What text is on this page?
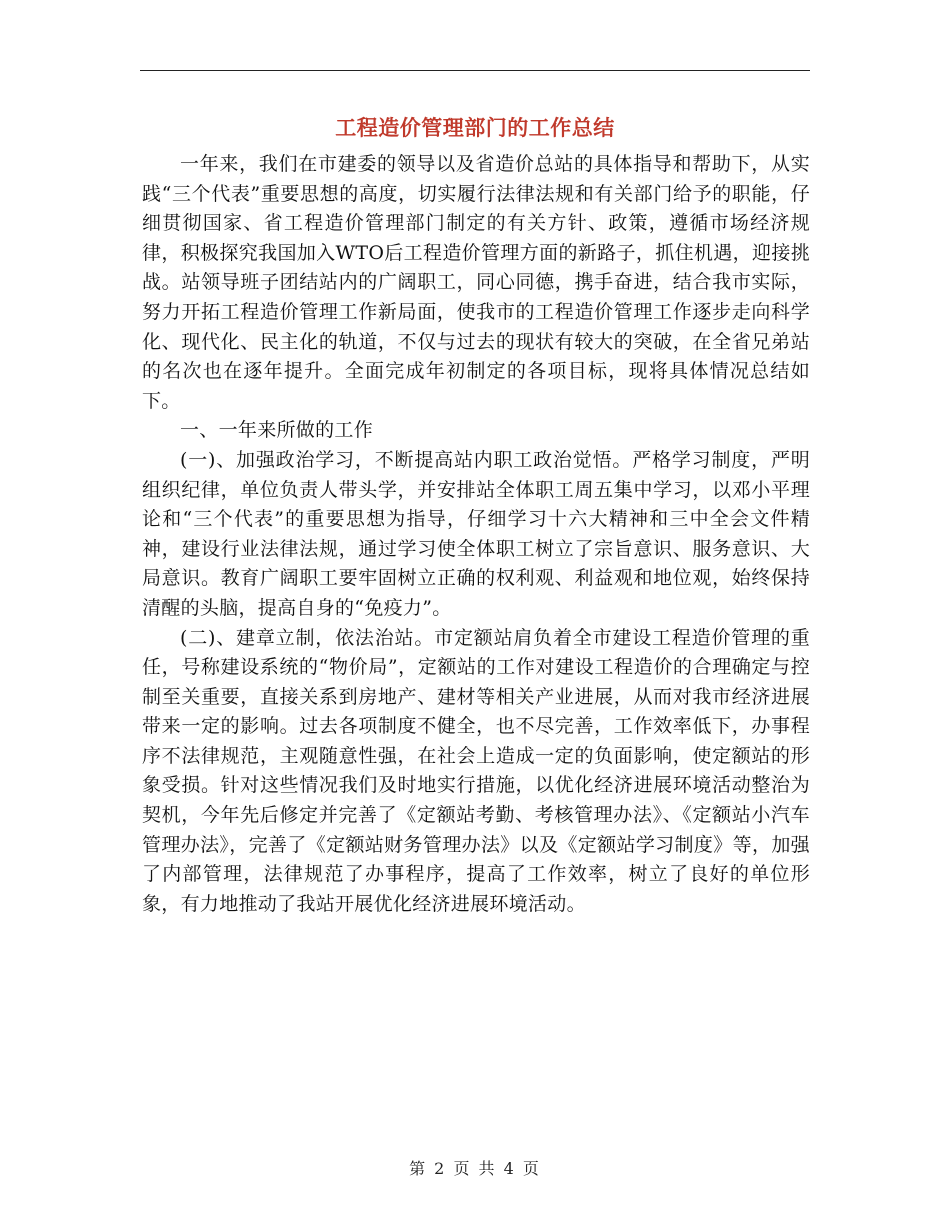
工程造价管理部门的工作总结

一年来，我们在市建委的领导以及省造价总站的具体指导和帮助下，从实践“三个代表”重要思想的高度，切实履行法律法规和有关部门给予的职能，仔细贯彻国家、省工程造价管理部门制定的有关方针、政策，遵循市场经济规律，积极探究我国加入WTO后工程造价管理方面的新路子，抓住机遇，迎接挑战。站领导班子团结站内的广阔职工，同心同德，携手奋进，结合我市实际，努力开拓工程造价管理工作新局面，使我市的工程造价管理工作逐步走向科学化、现代化、民主化的轨道，不仅与过去的现状有较大的突破，在全省兄弟站的名次也在逐年提升。全面完成年初制定的各项目标，现将具体情况总结如下。

一、一年来所做的工作

(一)、加强政治学习，不断提高站内职工政治觉悟。严格学习制度，严明组织纪律，单位负责人带头学，并安排站全体职工周五集中学习，以邓小平理论和“三个代表”的重要思想为指导，仔细学习十六大精神和三中全会文件精神，建设行业法律法规，通过学习使全体职工树立了宗旨意识、服务意识、大局意识。教育广阔职工要牢固树立正确的权利观、利益观和地位观，始终保持清醒的头脑，提高自身的“免疫力”。

(二)、建章立制，依法治站。市定额站肩负着全市建设工程造价管理的重任，号称建设系统的“物价局”，定额站的工作对建设工程造价的合理确定与控制至关重要，直接关系到房地产、建材等相关产业进展，从而对我市经济进展带来一定的影响。过去各项制度不健全，也不尽完善，工作效率低下，办事程序不法律规范，主观随意性强，在社会上造成一定的负面影响，使定额站的形象受损。针对这些情况我们及时地实行措施，以优化经济进展环境活动整治为契机，今年先后修定并完善了《定额站考勤、考核管理办法》、《定额站小汽车管理办法》，完善了《定额站财务管理办法》以及《定额站学习制度》等，加强了内部管理，法律规范了办事程序，提高了工作效率，树立了良好的单位形象，有力地推动了我站开展优化经济进展环境活动。

第 2 页 共 4 页
